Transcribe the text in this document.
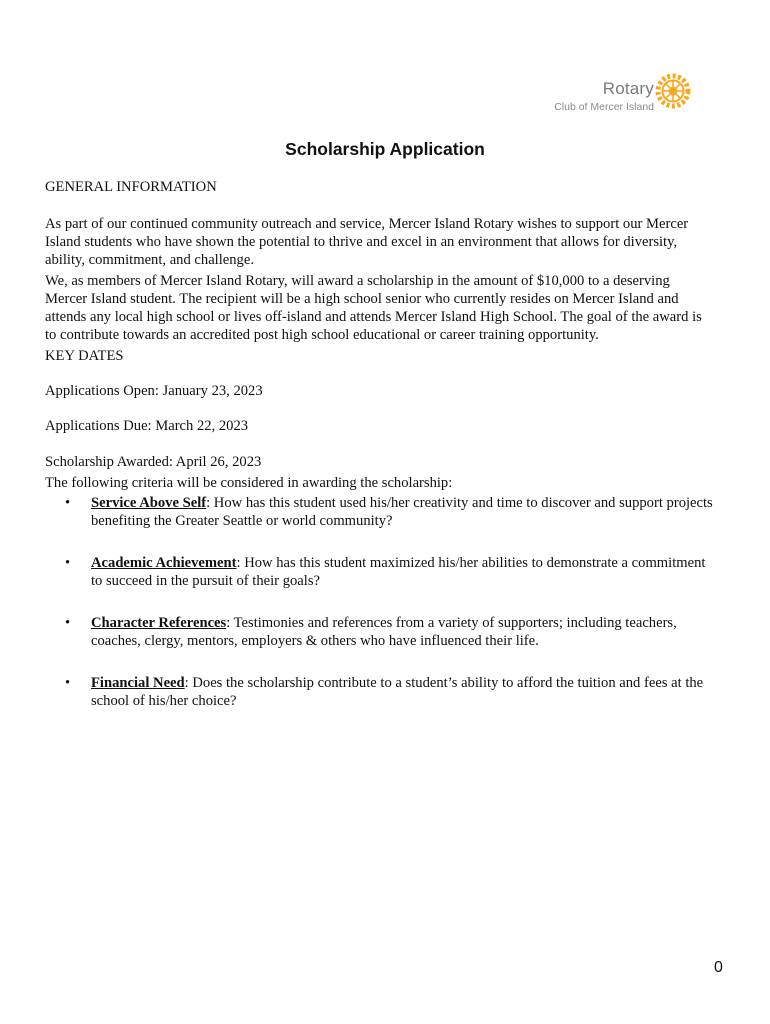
Rotary
Club of Mercer Island
Scholarship Application
GENERAL INFORMATION
As part of our continued community outreach and service, Mercer Island Rotary wishes to support our Mercer Island students who have shown the potential to thrive and excel in an environment that allows for diversity, ability, commitment, and challenge.
We, as members of Mercer Island Rotary, will award a scholarship in the amount of $10,000 to a deserving Mercer Island student. The recipient will be a high school senior who currently resides on Mercer Island and attends any local high school or lives off-island and attends Mercer Island High School. The goal of the award is to contribute towards an accredited post high school educational or career training opportunity.
KEY DATES
Applications Open: January 23, 2023
Applications Due: March 22, 2023
Scholarship Awarded: April 26, 2023
The following criteria will be considered in awarding the scholarship:
• Service Above Self: How has this student used his/her creativity and time to discover and support projects benefiting the Greater Seattle or world community?
• Academic Achievement: How has this student maximized his/her abilities to demonstrate a commitment to succeed in the pursuit of their goals?
• Character References: Testimonies and references from a variety of supporters; including teachers, coaches, clergy, mentors, employers & others who have influenced their life.
• Financial Need: Does the scholarship contribute to a student’s ability to afford the tuition and fees at the school of his/her choice?
0
